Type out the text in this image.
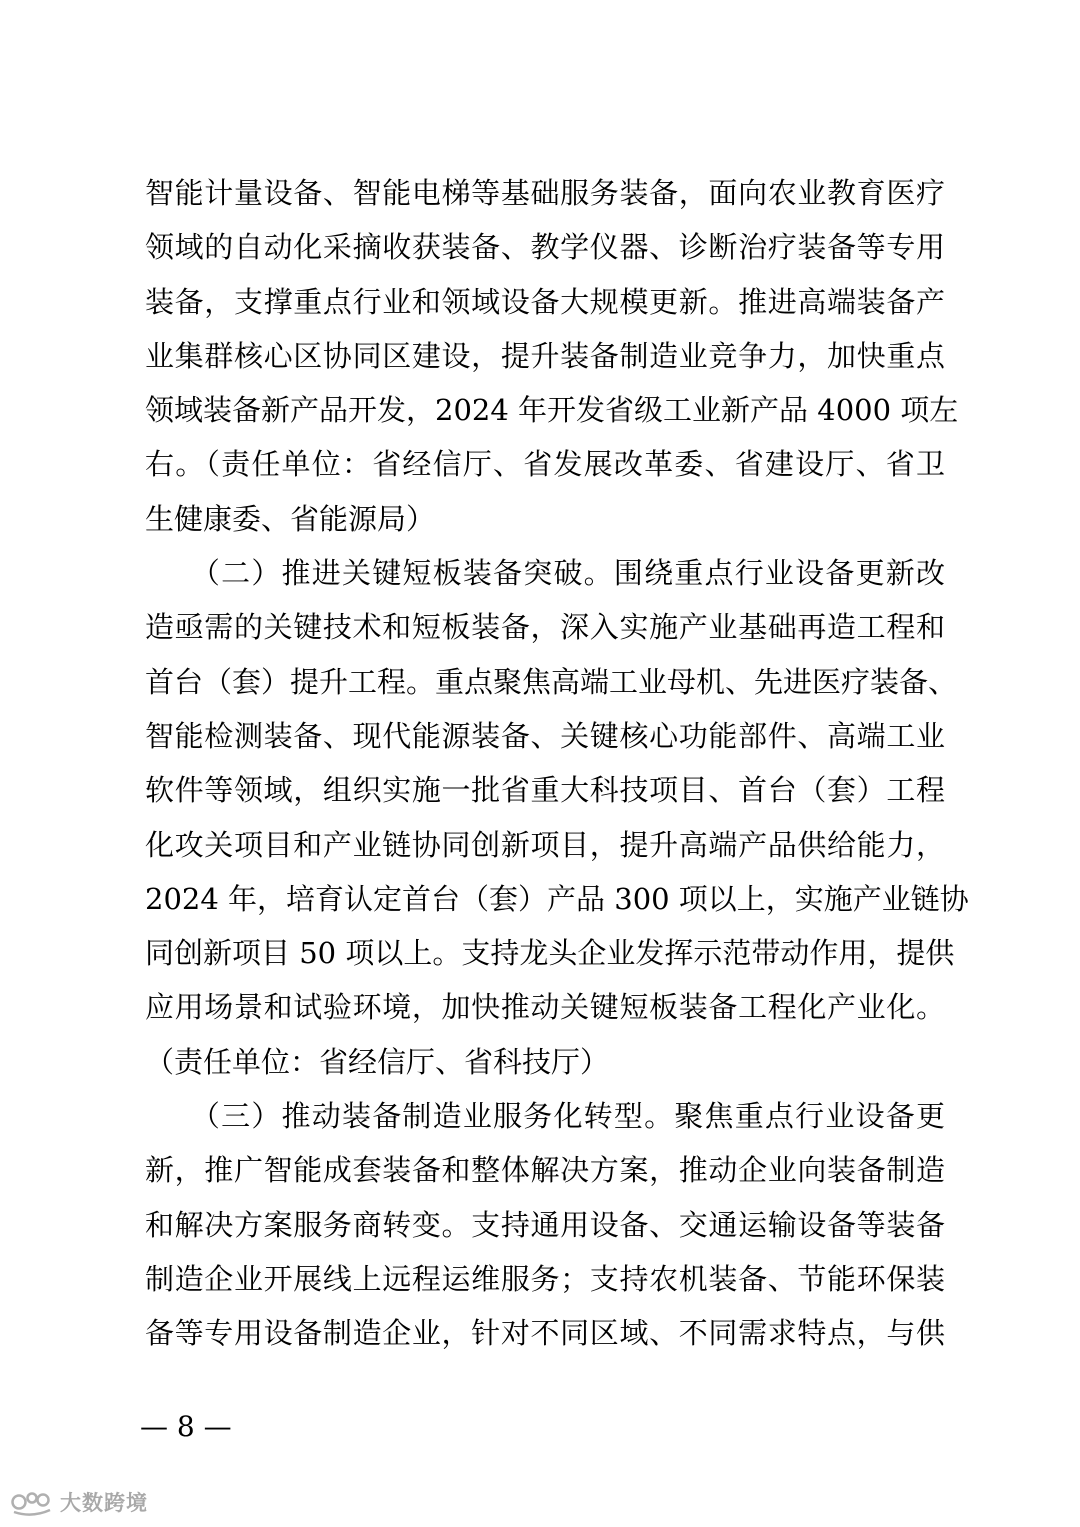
智能计量设备、智能电梯等基础服务装备，面向农业教育医疗
领域的自动化采摘收获装备、教学仪器、诊断治疗装备等专用
装备，支撑重点行业和领域设备大规模更新。推进高端装备产
业集群核心区协同区建设，提升装备制造业竞争力，加快重点
领域装备新产品开发，2024 年开发省级工业新产品 4000 项左
右。（责任单位：省经信厅、省发展改革委、省建设厅、省卫
生健康委、省能源局）
　　（二）推进关键短板装备突破。围绕重点行业设备更新改
造亟需的关键技术和短板装备，深入实施产业基础再造工程和
首台（套）提升工程。重点聚焦高端工业母机、先进医疗装备、
智能检测装备、现代能源装备、关键核心功能部件、高端工业
软件等领域，组织实施一批省重大科技项目、首台（套）工程
化攻关项目和产业链协同创新项目，提升高端产品供给能力，
2024 年，培育认定首台（套）产品 300 项以上，实施产业链协
同创新项目 50 项以上。支持龙头企业发挥示范带动作用，提供
应用场景和试验环境，加快推动关键短板装备工程化产业化。
（责任单位：省经信厅、省科技厅）
　　（三）推动装备制造业服务化转型。聚焦重点行业设备更
新，推广智能成套装备和整体解决方案，推动企业向装备制造
和解决方案服务商转变。支持通用设备、交通运输设备等装备
制造企业开展线上远程运维服务；支持农机装备、节能环保装
备等专用设备制造企业，针对不同区域、不同需求特点，与供
— 8 —
大数跨境
